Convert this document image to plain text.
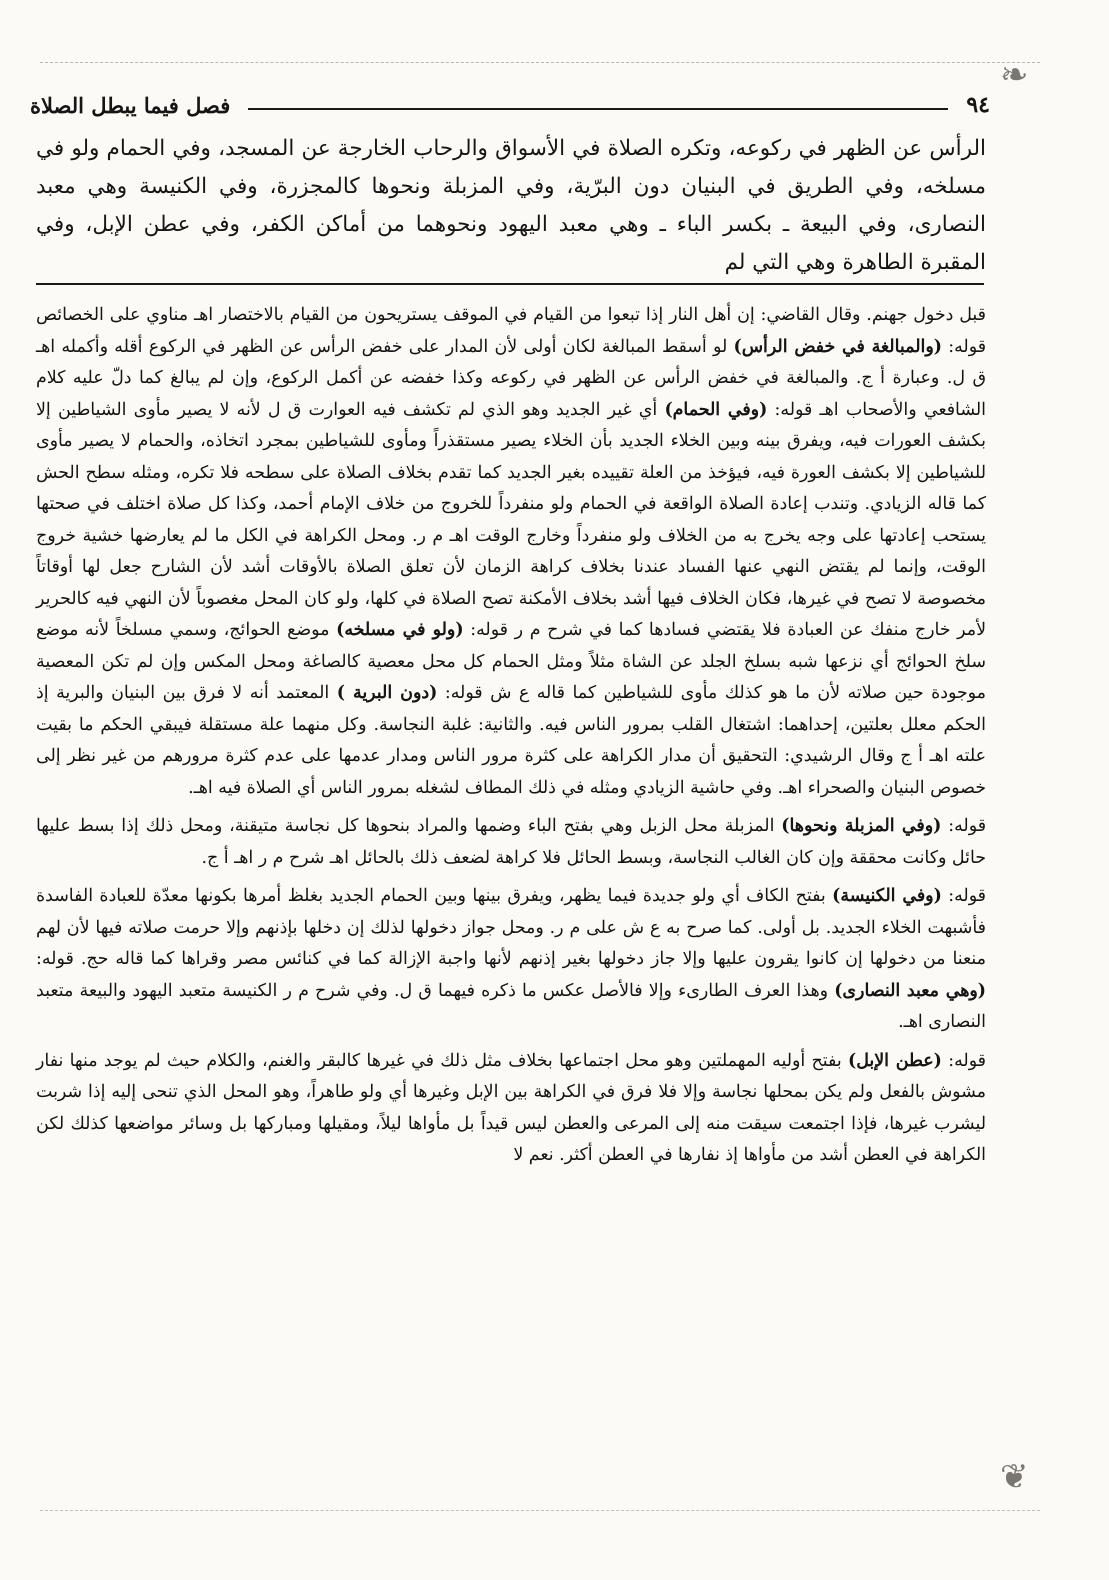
❧
❦
٩٤
فصل فيما يبطل الصلاة

الرأس عن الظهر في ركوعه، وتكره الصلاة في الأسواق والرحاب الخارجة عن المسجد، وفي الحمام ولو في مسلخه، وفي الطريق في البنيان دون البرّية، وفي المزبلة ونحوها كالمجزرة، وفي الكنيسة وهي معبد النصارى، وفي البيعة ـ بكسر الباء ـ وهي معبد اليهود ونحوهما من أماكن الكفر، وفي عطن الإبل، وفي المقبرة الطاهرة وهي التي لم

قبل دخول جهنم. وقال القاضي: إن أهل النار إذا تبعوا من القيام في الموقف يستريحون من القيام بالاختصار اهـ مناوي على الخصائص قوله: (والمبالغة في خفض الرأس) لو أسقط المبالغة لكان أولى لأن المدار على خفض الرأس عن الظهر في الركوع أقله وأكمله اهـ ق ل. وعبارة أ ج. والمبالغة في خفض الرأس عن الظهر في ركوعه وكذا خفضه عن أكمل الركوع، وإن لم يبالغ كما دلّ عليه كلام الشافعي والأصحاب اهـ قوله: (وفي الحمام) أي غير الجديد وهو الذي لم تكشف فيه العوارت ق ل لأنه لا يصير مأوى الشياطين إلا بكشف العورات فيه، ويفرق بينه وبين الخلاء الجديد بأن الخلاء يصير مستقذراً ومأوى للشياطين بمجرد اتخاذه، والحمام لا يصير مأوى للشياطين إلا بكشف العورة فيه، فيؤخذ من العلة تقييده بغير الجديد كما تقدم بخلاف الصلاة على سطحه فلا تكره، ومثله سطح الحش كما قاله الزيادي. وتندب إعادة الصلاة الواقعة في الحمام ولو منفرداً للخروج من خلاف الإمام أحمد، وكذا كل صلاة اختلف في صحتها يستحب إعادتها على وجه يخرج به من الخلاف ولو منفرداً وخارج الوقت اهـ م ر. ومحل الكراهة في الكل ما لم يعارضها خشية خروج الوقت، وإنما لم يقتض النهي عنها الفساد عندنا بخلاف كراهة الزمان لأن تعلق الصلاة بالأوقات أشد لأن الشارح جعل لها أوقاتاً مخصوصة لا تصح في غيرها، فكان الخلاف فيها أشد بخلاف الأمكنة تصح الصلاة في كلها، ولو كان المحل مغصوباً لأن النهي فيه كالحرير لأمر خارج منفك عن العبادة فلا يقتضي فسادها كما في شرح م ر قوله: (ولو في مسلخه) موضع الحوائج، وسمي مسلخاً لأنه موضع سلخ الحوائج أي نزعها شبه بسلخ الجلد عن الشاة مثلاً ومثل الحمام كل محل معصية كالصاغة ومحل المكس وإن لم تكن المعصية موجودة حين صلاته لأن ما هو كذلك مأوى للشياطين كما قاله ع ش قوله: (دون البرية ) المعتمد أنه لا فرق بين البنيان والبرية إذ الحكم معلل بعلتين، إحداهما: اشتغال القلب بمرور الناس فيه. والثانية: غلبة النجاسة. وكل منهما علة مستقلة فيبقي الحكم ما بقيت علته اهـ أ ج وقال الرشيدي: التحقيق أن مدار الكراهة على كثرة مرور الناس ومدار عدمها على عدم كثرة مرورهم من غير نظر إلى خصوص البنيان والصحراء اهـ. وفي حاشية الزيادي ومثله في ذلك المطاف لشغله بمرور الناس أي الصلاة فيه اهـ.

قوله: (وفي المزبلة ونحوها) المزبلة محل الزبل وهي بفتح الباء وضمها والمراد بنحوها كل نجاسة متيقنة، ومحل ذلك إذا بسط عليها حائل وكانت محققة وإن كان الغالب النجاسة، وبسط الحائل فلا كراهة لضعف ذلك بالحائل اهـ شرح م ر اهـ أ ج.

قوله: (وفي الكنيسة) بفتح الكاف أي ولو جديدة فيما يظهر، ويفرق بينها وبين الحمام الجديد بغلظ أمرها بكونها معدّة للعبادة الفاسدة فأشبهت الخلاء الجديد. بل أولى. كما صرح به ع ش على م ر. ومحل جواز دخولها لذلك إن دخلها بإذنهم وإلا حرمت صلاته فيها لأن لهم منعنا من دخولها إن كانوا يقرون عليها وإلا جاز دخولها بغير إذنهم لأنها واجبة الإزالة كما في كنائس مصر وقراها كما قاله حج. قوله: (وهي معبد النصارى) وهذا العرف الطارىء وإلا فالأصل عكس ما ذكره فيهما ق ل. وفي شرح م ر الكنيسة متعبد اليهود والبيعة متعبد النصارى اهـ.

قوله: (عطن الإبل) بفتح أوليه المهملتين وهو محل اجتماعها بخلاف مثل ذلك في غيرها كالبقر والغنم، والكلام حيث لم يوجد منها نفار مشوش بالفعل ولم يكن بمحلها نجاسة وإلا فلا فرق في الكراهة بين الإبل وغيرها أي ولو طاهراً، وهو المحل الذي تنحى إليه إذا شربت ليشرب غيرها، فإذا اجتمعت سيقت منه إلى المرعى والعطن ليس قيداً بل مأواها ليلاً، ومقيلها ومباركها بل وسائر مواضعها كذلك لكن الكراهة في العطن أشد من مأواها إذ نفارها في العطن أكثر. نعم لا
